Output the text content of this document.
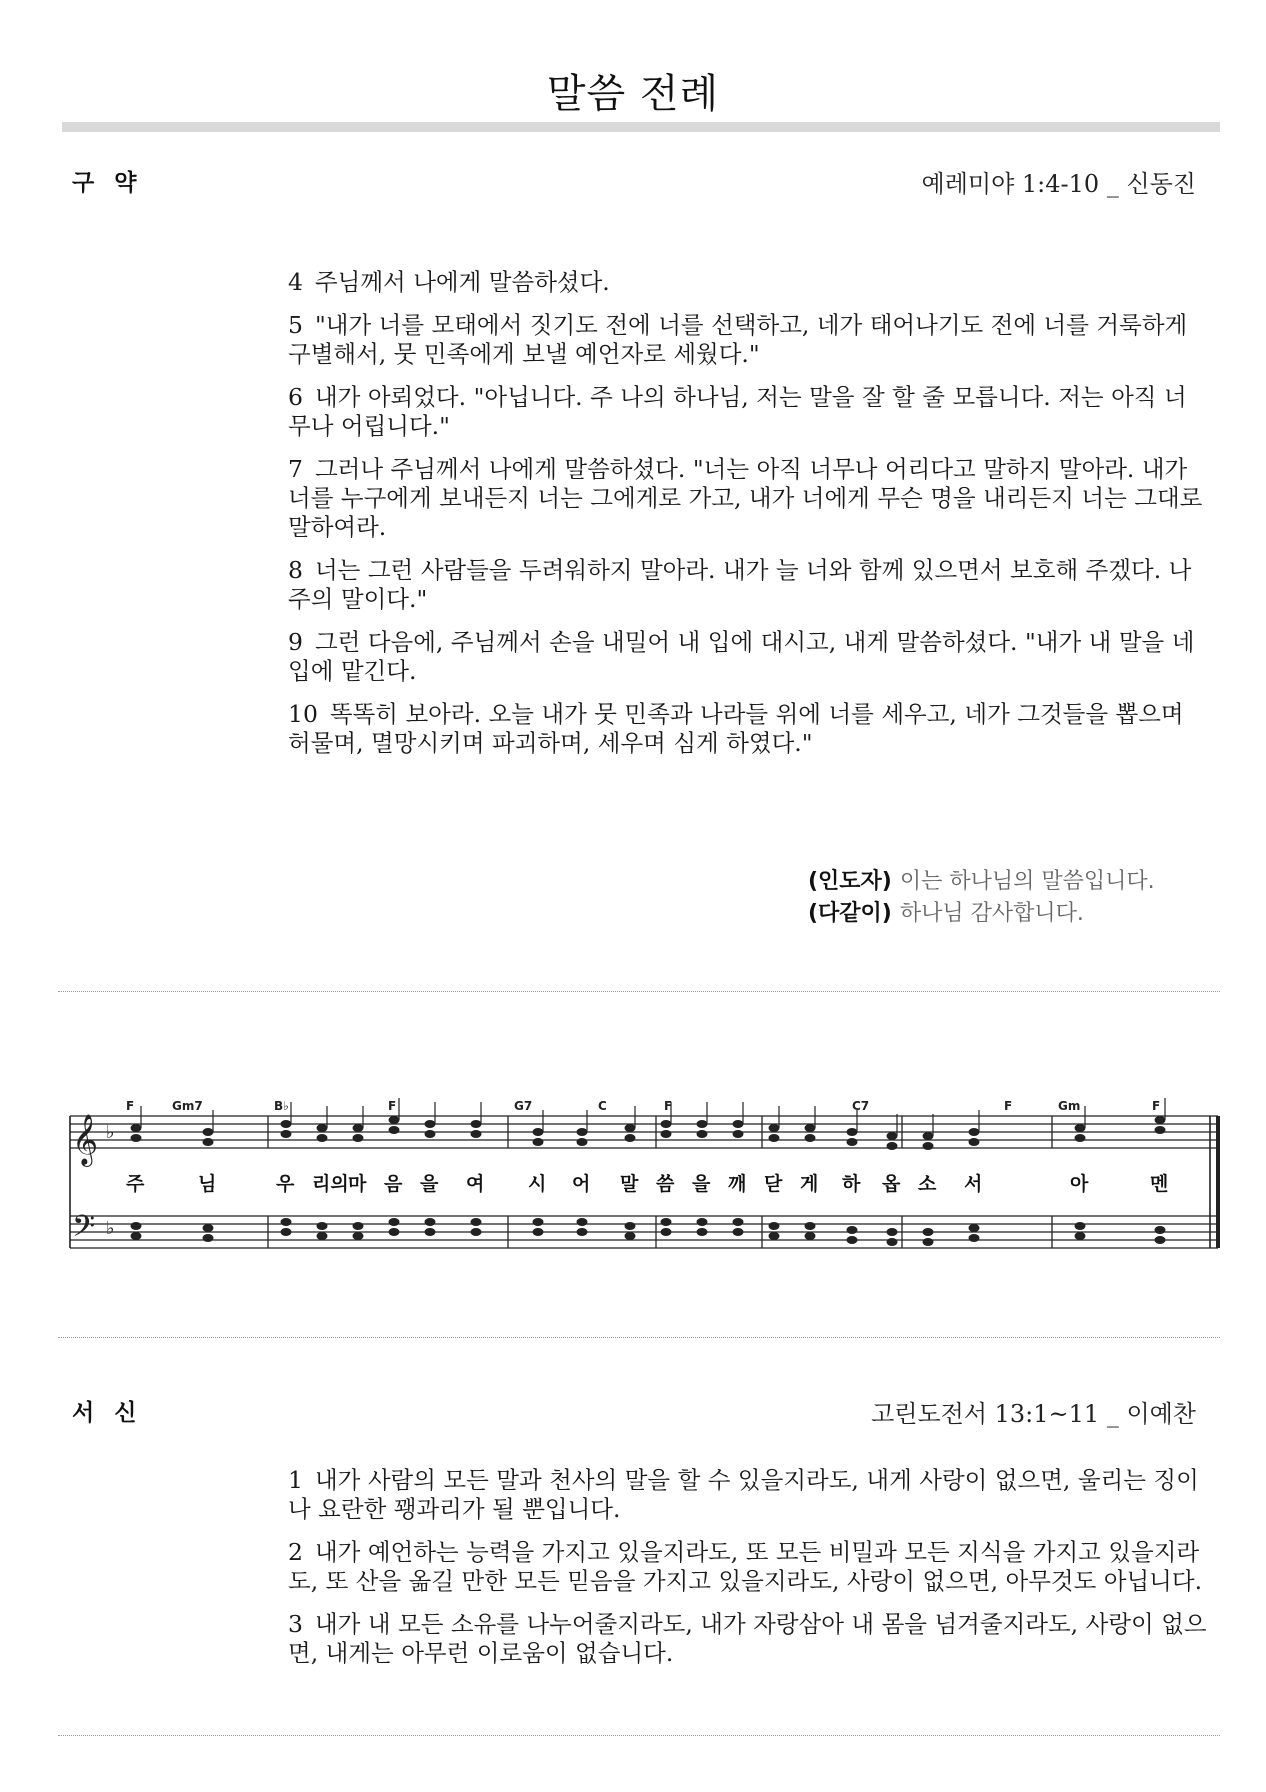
말씀 전례
구 약	예레미야 1:4-10 _ 신동진

4 주님께서 나에게 말씀하셨다.

5 "내가 너를 모태에서 짓기도 전에 너를 선택하고, 네가 태어나기도 전에 너를 거룩하게 구별해서, 뭇 민족에게 보낼 예언자로 세웠다."

6 내가 아뢰었다. "아닙니다. 주 나의 하나님, 저는 말을 잘 할 줄 모릅니다. 저는 아직 너무나 어립니다."

7 그러나 주님께서 나에게 말씀하셨다. "너는 아직 너무나 어리다고 말하지 말아라. 내가 너를 누구에게 보내든지 너는 그에게로 가고, 내가 너에게 무슨 명을 내리든지 너는 그대로 말하여라.

8 너는 그런 사람들을 두려워하지 말아라. 내가 늘 너와 함께 있으면서 보호해 주겠다. 나 주의 말이다."

9 그런 다음에, 주님께서 손을 내밀어 내 입에 대시고, 내게 말씀하셨다. "내가 내 말을 네 입에 맡긴다.

10 똑똑히 보아라. 오늘 내가 뭇 민족과 나라들 위에 너를 세우고, 네가 그것들을 뽑으며 허물며, 멸망시키며 파괴하며, 세우며 심게 하였다."

(인도자) 이는 하나님의 말씀입니다.
(다같이) 하나님 감사합니다.
𝄞
𝄢
♭
♭
F	Gm7	B♭	F	G7	C	F	C7	F	Gm	F
주	님	우 리의 마 음 을 여 시 어 말 씀 을 깨 닫 게 하 옵 소 서	아	멘
서 신	고린도전서 13:1~11 _ 이예찬

1 내가 사람의 모든 말과 천사의 말을 할 수 있을지라도, 내게 사랑이 없으면, 울리는 징이나 요란한 꽹과리가 될 뿐입니다.

2 내가 예언하는 능력을 가지고 있을지라도, 또 모든 비밀과 모든 지식을 가지고 있을지라도, 또 산을 옮길 만한 모든 믿음을 가지고 있을지라도, 사랑이 없으면, 아무것도 아닙니다.

3 내가 내 모든 소유를 나누어줄지라도, 내가 자랑삼아 내 몸을 넘겨줄지라도, 사랑이 없으면, 내게는 아무런 이로움이 없습니다.
